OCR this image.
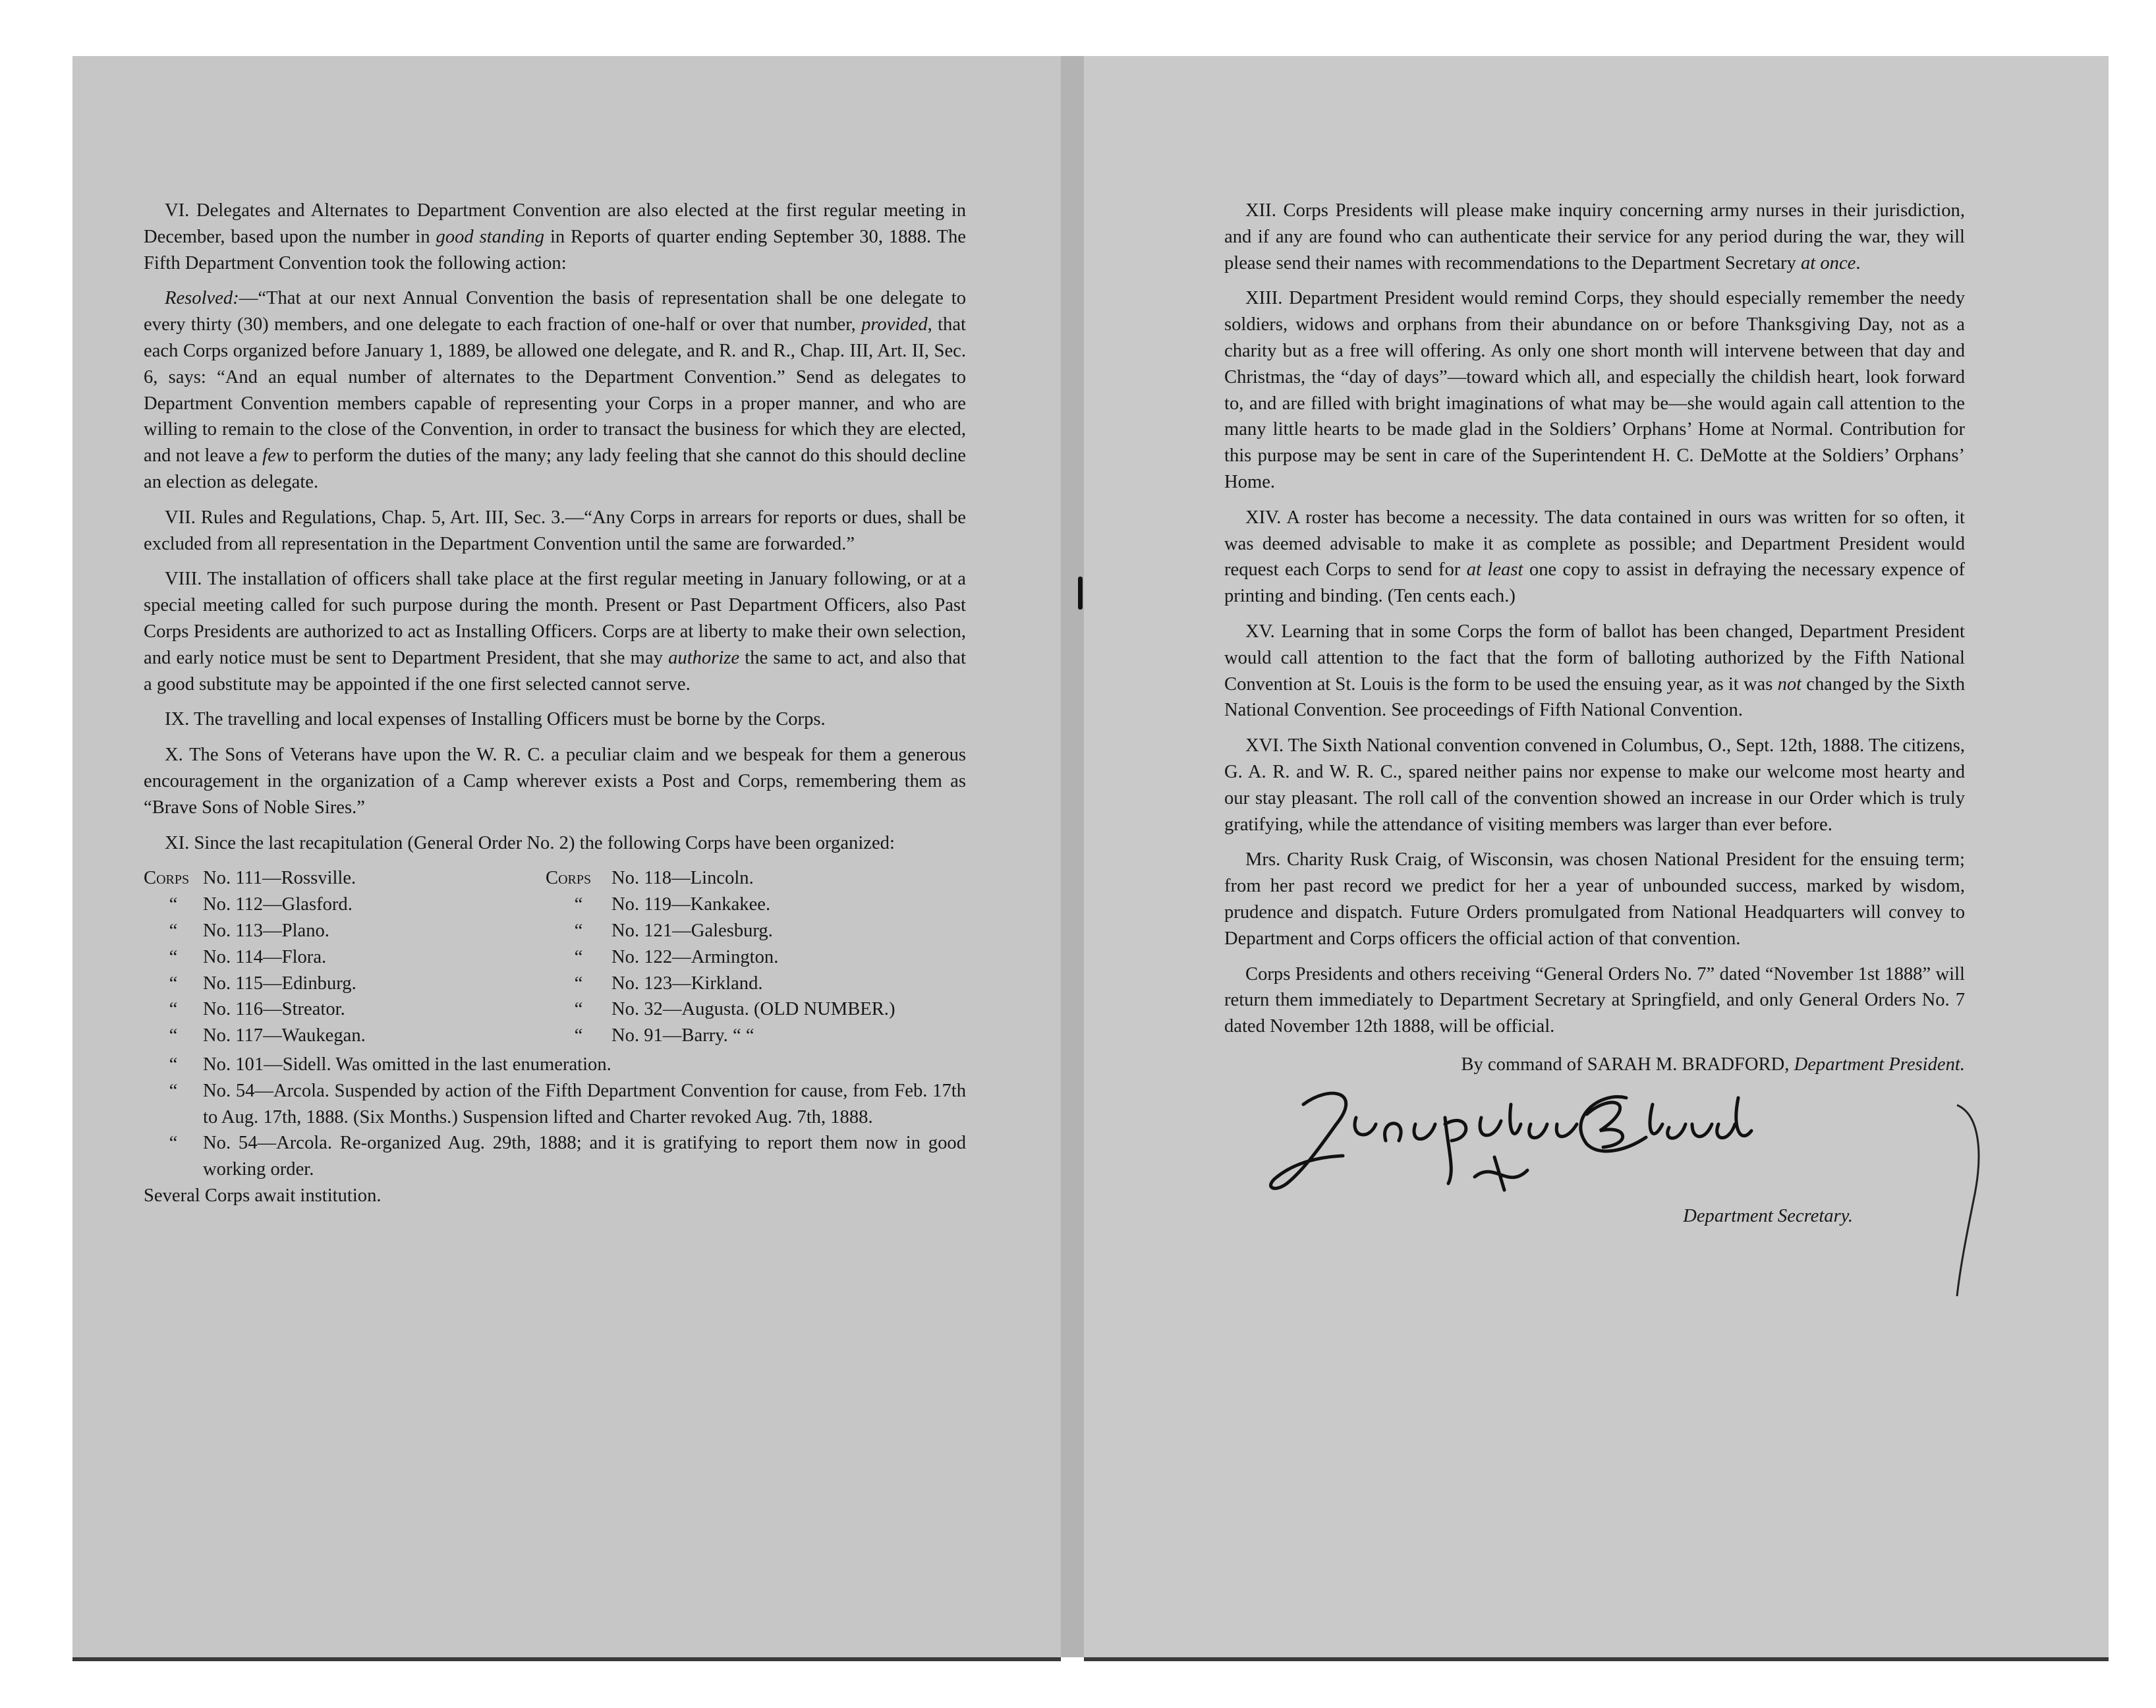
VI. Delegates and Alternates to Department Convention are also elected at the first regular meeting in December, based upon the number in good standing in Reports of quarter ending September 30, 1888. The Fifth Department Convention took the following action:

Resolved:—“That at our next Annual Convention the basis of representation shall be one delegate to every thirty (30) members, and one delegate to each fraction of one-half or over that number, provided, that each Corps organized before January 1, 1889, be allowed one delegate, and R. and R., Chap. III, Art. II, Sec. 6, says: “And an equal number of alternates to the Department Convention.” Send as delegates to Department Convention members capable of representing your Corps in a proper manner, and who are willing to remain to the close of the Convention, in order to transact the business for which they are elected, and not leave a few to perform the duties of the many; any lady feeling that she cannot do this should decline an election as delegate.

VII. Rules and Regulations, Chap. 5, Art. III, Sec. 3.—“Any Corps in arrears for reports or dues, shall be excluded from all representation in the Department Convention until the same are forwarded.”

VIII. The installation of officers shall take place at the first regular meeting in January following, or at a special meeting called for such purpose during the month. Present or Past Department Officers, also Past Corps Presidents are authorized to act as Installing Officers. Corps are at liberty to make their own selection, and early notice must be sent to Department President, that she may authorize the same to act, and also that a good substitute may be appointed if the one first selected cannot serve.

IX. The travelling and local expenses of Installing Officers must be borne by the Corps.

X. The Sons of Veterans have upon the W. R. C. a peculiar claim and we bespeak for them a generous encouragement in the organization of a Camp wherever exists a Post and Corps, remembering them as “Brave Sons of Noble Sires.”

XI. Since the last recapitulation (General Order No. 2) the following Corps have been organized:

Corps	No. 111—Rossville.	Corps	No. 118—Lincoln.
“	No. 112—Glasford.	“	No. 119—Kankakee.
“	No. 113—Plano.	“	No. 121—Galesburg.
“	No. 114—Flora.	“	No. 122—Armington.
“	No. 115—Edinburg.	“	No. 123—Kirkland.
“	No. 116—Streator.	“	No. 32—Augusta. (OLD NUMBER.)
“	No. 117—Waukegan.	“	No. 91—Barry. “ “
“	No. 101—Sidell. Was omitted in the last enumeration.
“	No. 54—Arcola. Suspended by action of the Fifth Department Convention for cause, from Feb. 17th to Aug. 17th, 1888. (Six Months.) Suspension lifted and Charter revoked Aug. 7th, 1888.
“	No. 54—Arcola. Re-organized Aug. 29th, 1888; and it is gratifying to report them now in good working order.
Several Corps await institution.

XII. Corps Presidents will please make inquiry concerning army nurses in their jurisdiction, and if any are found who can authenticate their service for any period during the war, they will please send their names with recommendations to the Department Secretary at once.

XIII. Department President would remind Corps, they should especially remember the needy soldiers, widows and orphans from their abundance on or before Thanksgiving Day, not as a charity but as a free will offering. As only one short month will intervene between that day and Christmas, the “day of days”—toward which all, and especially the childish heart, look forward to, and are filled with bright imaginations of what may be—she would again call attention to the many little hearts to be made glad in the Soldiers’ Orphans’ Home at Normal. Contribution for this purpose may be sent in care of the Superintendent H. C. DeMotte at the Soldiers’ Orphans’ Home.

XIV. A roster has become a necessity. The data contained in ours was written for so often, it was deemed advisable to make it as complete as possible; and Department President would request each Corps to send for at least one copy to assist in defraying the necessary expence of printing and binding. (Ten cents each.)

XV. Learning that in some Corps the form of ballot has been changed, Department President would call attention to the fact that the form of balloting authorized by the Fifth National Convention at St. Louis is the form to be used the ensuing year, as it was not changed by the Sixth National Convention. See proceedings of Fifth National Convention.

XVI. The Sixth National convention convened in Columbus, O., Sept. 12th, 1888. The citizens, G. A. R. and W. R. C., spared neither pains nor expense to make our welcome most hearty and our stay pleasant. The roll call of the convention showed an increase in our Order which is truly gratifying, while the attendance of visiting members was larger than ever before.

Mrs. Charity Rusk Craig, of Wisconsin, was chosen National President for the ensuing term; from her past record we predict for her a year of unbounded success, marked by wisdom, prudence and dispatch. Future Orders promulgated from National Headquarters will convey to Department and Corps officers the official action of that convention.

Corps Presidents and others receiving “General Orders No. 7” dated “November 1st 1888” will return them immediately to Department Secretary at Springfield, and only General Orders No. 7 dated November 12th 1888, will be official.

By command of SARAH M. BRADFORD, Department President.
Department Secretary.
